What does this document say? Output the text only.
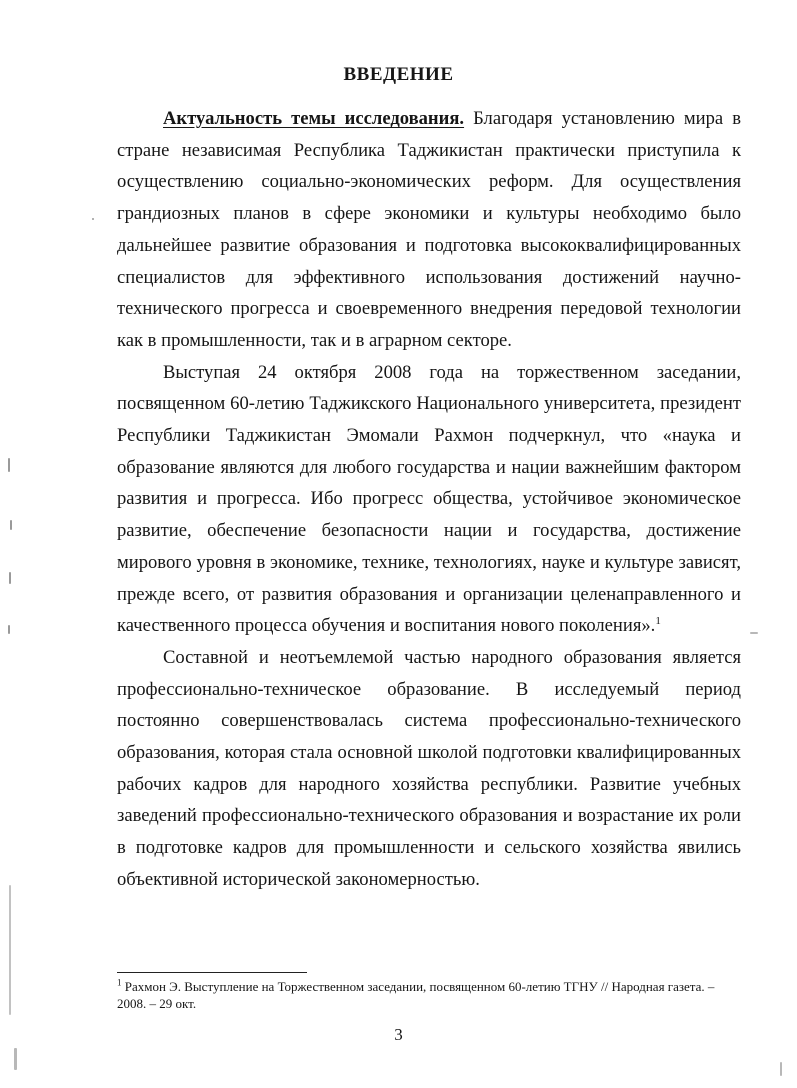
ВВЕДЕНИЕ

Актуальность темы исследования. Благодаря установлению мира в стране независимая Республика Таджикистан практически приступила к осуществлению социально-экономических реформ. Для осуществления грандиозных планов в сфере экономики и культуры необходимо было дальнейшее развитие образования и подготовка высококвалифицированных специалистов для эффективного использования достижений научно-технического прогресса и своевременного внедрения передовой технологии как в промышленности, так и в аграрном секторе.

Выступая 24 октября 2008 года на торжественном заседании, посвященном 60-летию Таджикского Национального университета, президент Республики Таджикистан Эмомали Рахмон подчеркнул, что «наука и образование являются для любого государства и нации важнейшим фактором развития и прогресса. Ибо прогресс общества, устойчивое экономическое развитие, обеспечение безопасности нации и государства, достижение мирового уровня в экономике, технике, технологиях, науке и культуре зависят, прежде всего, от развития образования и организации целенаправленного и качественного процесса обучения и воспитания нового поколения».$^1$

Составной и неотъемлемой частью народного образования является профессионально-техническое образование. В исследуемый период постоянно совершенствовалась система профессионально-технического образования, которая стала основной школой подготовки квалифицированных рабочих кадров для народного хозяйства республики. Развитие учебных заведений профессионально-технического образования и возрастание их роли в подготовке кадров для промышленности и сельского хозяйства явились объективной исторической закономерностью.

$^1$ Рахмон Э. Выступление на Торжественном заседании, посвященном 60-летию ТГНУ // Народная газета. – 2008. – 29 окт.
3
